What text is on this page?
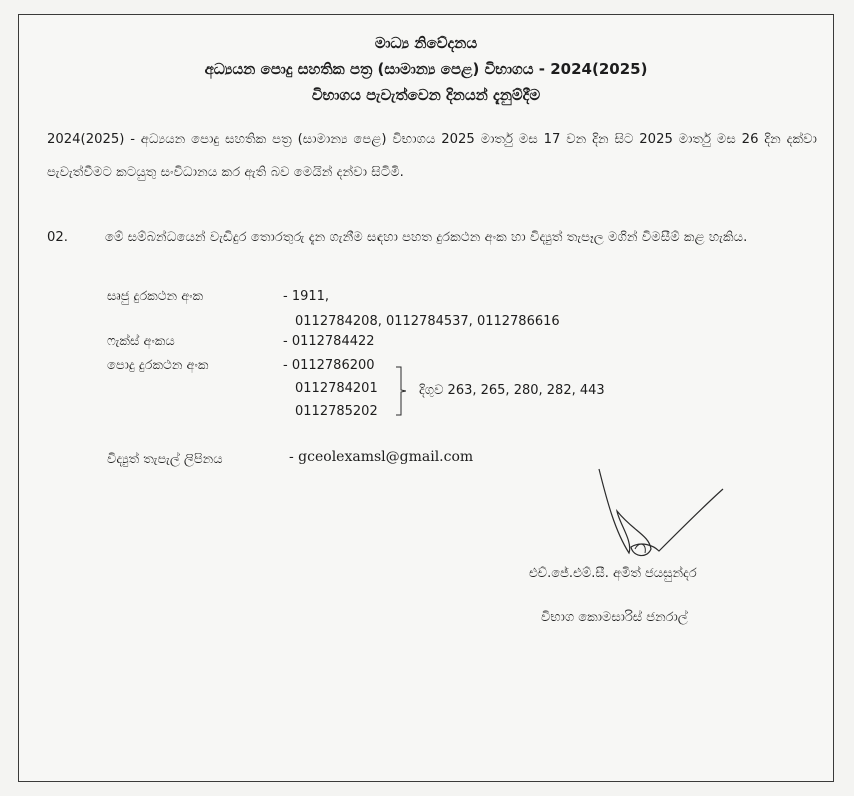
මාධ්‍ය නිවේදනය
අධ්‍යයන පොදු සහතික පත්‍ර (සාමාන්‍ය පෙළ) විභාගය - 2024(2025)
විභාගය පැවැත්වෙන දිනයන් දැනුම්දීම
2024(2025) - අධ්‍යයන පොදු සහතික පත්‍ර (සාමාන්‍ය පෙළ) විභාගය 2025 මාර්තු මස 17 වන දින සිට 2025 මාර්තු මස 26 දින දක්වා පැවැත්වීමට කටයුතු සංවිධානය කර ඇති බව මෙයින් දන්වා සිටිමි.
02.	මේ සම්බන්ධයෙන් වැඩිදුර තොරතුරු දැන ගැනීම සඳහා පහත දුරකථන අංක හා විද්‍යුත් තැපෑල මගින් විමසීම් කළ හැකිය.
සෘජු දුරකථන අංක	- 1911,
0112784208, 0112784537, 0112786616
ෆැක්ස් අංකය	- 0112784422
පොදු දුරකථන අංක	- 0112786200
0112784201
0112785202
දිගුව 263, 265, 280, 282, 443
විද්‍යුත් තැපැල් ලිපිනය	- gceolexamsl@gmail.com
එච්.ජේ.එම්.සී. අමිත් ජයසුන්දර
විභාග කොමසාරිස් ජනරාල්
